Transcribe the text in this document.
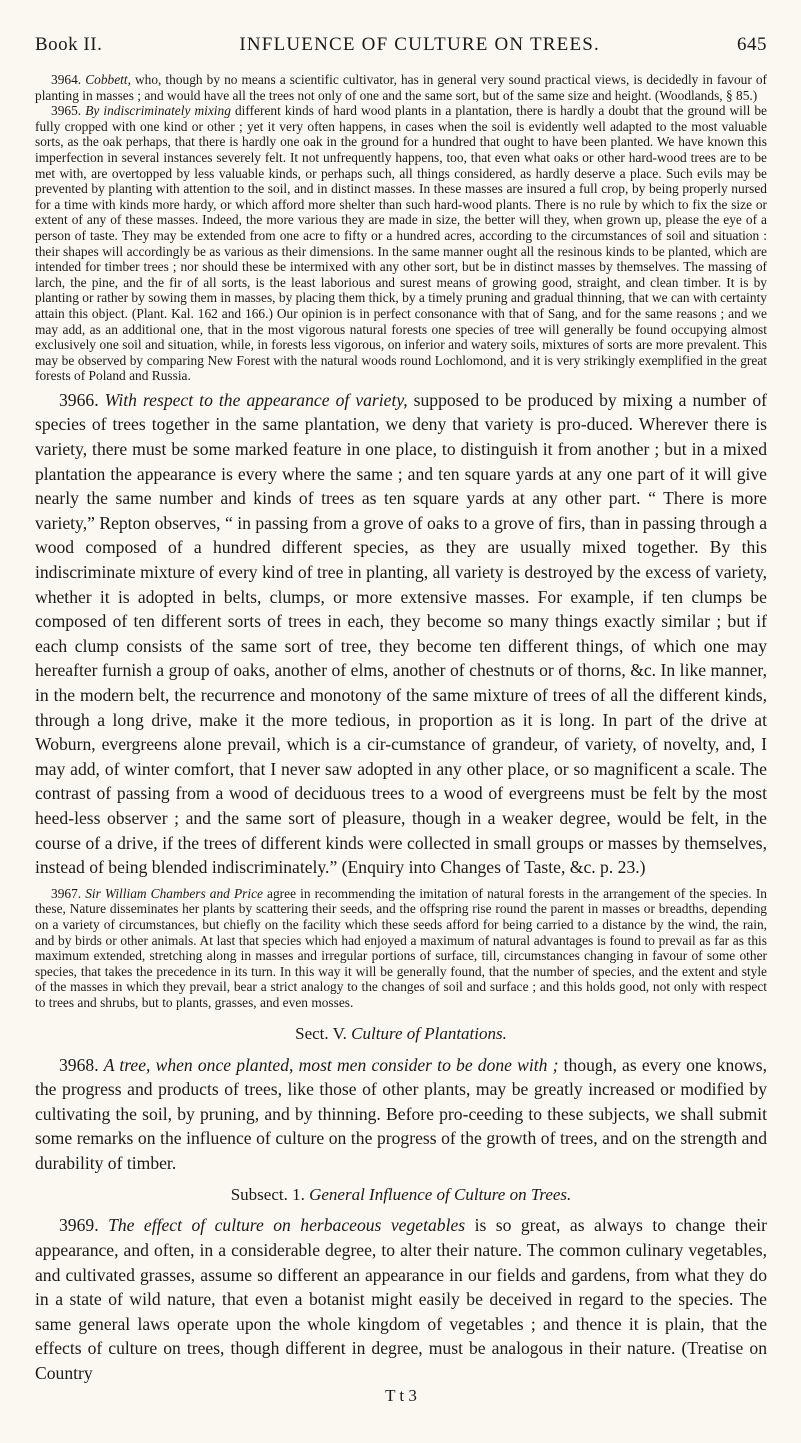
Book II.	INFLUENCE OF CULTURE ON TREES.	645

3964. Cobbett, who, though by no means a scientific cultivator, has in general very sound practical views, is decidedly in favour of planting in masses ; and would have all the trees not only of one and the same sort, but of the same size and height. (Woodlands, § 85.)

3965. By indiscriminately mixing different kinds of hard wood plants in a plantation, there is hardly a doubt that the ground will be fully cropped with one kind or other ; yet it very often happens, in cases when the soil is evidently well adapted to the most valuable sorts, as the oak perhaps, that there is hardly one oak in the ground for a hundred that ought to have been planted. We have known this imperfection in several instances severely felt. It not unfrequently happens, too, that even what oaks or other hard-wood trees are to be met with, are overtopped by less valuable kinds, or perhaps such, all things considered, as hardly deserve a place. Such evils may be prevented by planting with attention to the soil, and in distinct masses. In these masses are insured a full crop, by being properly nursed for a time with kinds more hardy, or which afford more shelter than such hard-wood plants. There is no rule by which to fix the size or extent of any of these masses. Indeed, the more various they are made in size, the better will they, when grown up, please the eye of a person of taste. They may be extended from one acre to fifty or a hundred acres, according to the circumstances of soil and situation : their shapes will accordingly be as various as their dimensions. In the same manner ought all the resinous kinds to be planted, which are intended for timber trees ; nor should these be intermixed with any other sort, but be in distinct masses by themselves. The massing of larch, the pine, and the fir of all sorts, is the least laborious and surest means of growing good, straight, and clean timber. It is by planting or rather by sowing them in masses, by placing them thick, by a timely pruning and gradual thinning, that we can with certainty attain this object. (Plant. Kal. 162 and 166.) Our opinion is in perfect consonance with that of Sang, and for the same reasons ; and we may add, as an additional one, that in the most vigorous natural forests one species of tree will generally be found occupying almost exclusively one soil and situation, while, in forests less vigorous, on inferior and watery soils, mixtures of sorts are more prevalent. This may be observed by comparing New Forest with the natural woods round Lochlomond, and it is very strikingly exemplified in the great forests of Poland and Russia.

3966. With respect to the appearance of variety, supposed to be produced by mixing a number of species of trees together in the same plantation, we deny that variety is pro-duced. Wherever there is variety, there must be some marked feature in one place, to distinguish it from another ; but in a mixed plantation the appearance is every where the same ; and ten square yards at any one part of it will give nearly the same number and kinds of trees as ten square yards at any other part. “ There is more variety,” Repton observes, “ in passing from a grove of oaks to a grove of firs, than in passing through a wood composed of a hundred different species, as they are usually mixed together. By this indiscriminate mixture of every kind of tree in planting, all variety is destroyed by the excess of variety, whether it is adopted in belts, clumps, or more extensive masses. For example, if ten clumps be composed of ten different sorts of trees in each, they become so many things exactly similar ; but if each clump consists of the same sort of tree, they become ten different things, of which one may hereafter furnish a group of oaks, another of elms, another of chestnuts or of thorns, &c. In like manner, in the modern belt, the recurrence and monotony of the same mixture of trees of all the different kinds, through a long drive, make it the more tedious, in proportion as it is long. In part of the drive at Woburn, evergreens alone prevail, which is a cir-cumstance of grandeur, of variety, of novelty, and, I may add, of winter comfort, that I never saw adopted in any other place, or so magnificent a scale. The contrast of passing from a wood of deciduous trees to a wood of evergreens must be felt by the most heed-less observer ; and the same sort of pleasure, though in a weaker degree, would be felt, in the course of a drive, if the trees of different kinds were collected in small groups or masses by themselves, instead of being blended indiscriminately.” (Enquiry into Changes of Taste, &c. p. 23.)

3967. Sir William Chambers and Price agree in recommending the imitation of natural forests in the arrangement of the species. In these, Nature disseminates her plants by scattering their seeds, and the offspring rise round the parent in masses or breadths, depending on a variety of circumstances, but chiefly on the facility which these seeds afford for being carried to a distance by the wind, the rain, and by birds or other animals. At last that species which had enjoyed a maximum of natural advantages is found to prevail as far as this maximum extended, stretching along in masses and irregular portions of surface, till, circumstances changing in favour of some other species, that takes the precedence in its turn. In this way it will be generally found, that the number of species, and the extent and style of the masses in which they prevail, bear a strict analogy to the changes of soil and surface ; and this holds good, not only with respect to trees and shrubs, but to plants, grasses, and even mosses.

Sect. V. Culture of Plantations.

3968. A tree, when once planted, most men consider to be done with ; though, as every one knows, the progress and products of trees, like those of other plants, may be greatly increased or modified by cultivating the soil, by pruning, and by thinning. Before pro-ceeding to these subjects, we shall submit some remarks on the influence of culture on the progress of the growth of trees, and on the strength and durability of timber.

Subsect. 1. General Influence of Culture on Trees.

3969. The effect of culture on herbaceous vegetables is so great, as always to change their appearance, and often, in a considerable degree, to alter their nature. The common culinary vegetables, and cultivated grasses, assume so different an appearance in our fields and gardens, from what they do in a state of wild nature, that even a botanist might easily be deceived in regard to the species. The same general laws operate upon the whole kingdom of vegetables ; and thence it is plain, that the effects of culture on trees, though different in degree, must be analogous in their nature. (Treatise on Country

T t 3
